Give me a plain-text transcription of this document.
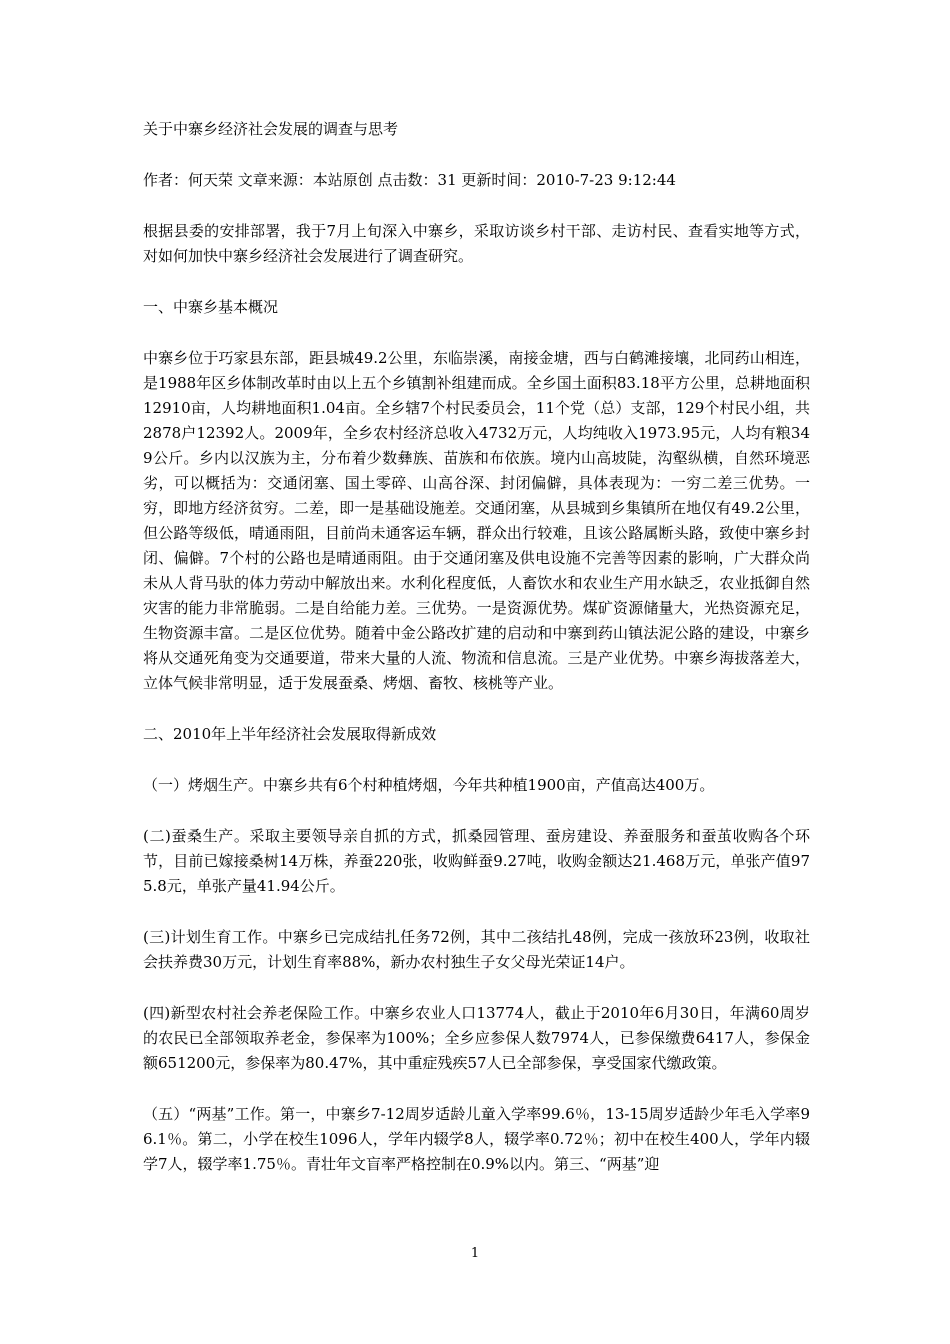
关于中寨乡经济社会发展的调查与思考

作者：何天荣 文章来源：本站原创 点击数：31 更新时间：2010-7-23 9:12:44

根据县委的安排部署，我于7月上旬深入中寨乡，采取访谈乡村干部、走访村民、查看实地等方式，对如何加快中寨乡经济社会发展进行了调查研究。

一、中寨乡基本概况

中寨乡位于巧家县东部，距县城49.2公里，东临崇溪，南接金塘，西与白鹤滩接壤，北同药山相连，是1988年区乡体制改革时由以上五个乡镇割补组建而成。全乡国土面积83.18平方公里，总耕地面积12910亩，人均耕地面积1.04亩。全乡辖7个村民委员会，11个党（总）支部，129个村民小组，共2878户12392人。2009年，全乡农村经济总收入4732万元，人均纯收入1973.95元，人均有粮349公斤。乡内以汉族为主，分布着少数彝族、苗族和布依族。境内山高坡陡，沟壑纵横，自然环境恶劣，可以概括为：交通闭塞、国土零碎、山高谷深、封闭偏僻，具体表现为：一穷二差三优势。一穷，即地方经济贫穷。二差，即一是基础设施差。交通闭塞，从县城到乡集镇所在地仅有49.2公里，但公路等级低，晴通雨阻，目前尚未通客运车辆，群众出行较难，且该公路属断头路，致使中寨乡封闭、偏僻。7个村的公路也是晴通雨阻。由于交通闭塞及供电设施不完善等因素的影响，广大群众尚未从人背马驮的体力劳动中解放出来。水利化程度低，人畜饮水和农业生产用水缺乏，农业抵御自然灾害的能力非常脆弱。二是自给能力差。三优势。一是资源优势。煤矿资源储量大，光热资源充足，生物资源丰富。二是区位优势。随着中金公路改扩建的启动和中寨到药山镇法泥公路的建设，中寨乡将从交通死角变为交通要道，带来大量的人流、物流和信息流。三是产业优势。中寨乡海拔落差大，立体气候非常明显，适于发展蚕桑、烤烟、畜牧、核桃等产业。

二、2010年上半年经济社会发展取得新成效

（一）烤烟生产。中寨乡共有6个村种植烤烟，今年共种植1900亩，产值高达400万。

(二)蚕桑生产。采取主要领导亲自抓的方式，抓桑园管理、蚕房建设、养蚕服务和蚕茧收购各个环节，目前已嫁接桑树14万株，养蚕220张，收购鲜蚕9.27吨，收购金额达21.468万元，单张产值975.8元，单张产量41.94公斤。

(三)计划生育工作。中寨乡已完成结扎任务72例，其中二孩结扎48例，完成一孩放环23例，收取社会扶养费30万元，计划生育率88%，新办农村独生子女父母光荣证14户。

(四)新型农村社会养老保险工作。中寨乡农业人口13774人，截止于2010年6月30日，年满60周岁的农民已全部领取养老金，参保率为100%；全乡应参保人数7974人，已参保缴费6417人，参保金额651200元，参保率为80.47%，其中重症残疾57人已全部参保，享受国家代缴政策。

（五）“两基”工作。第一，中寨乡7-12周岁适龄儿童入学率99.6％，13-15周岁适龄少年毛入学率96.1％。第二，小学在校生1096人，学年内辍学8人，辍学率0.72％；初中在校生400人，学年内辍学7人，辍学率1.75％。青壮年文盲率严格控制在0.9%以内。第三、“两基”迎

1
